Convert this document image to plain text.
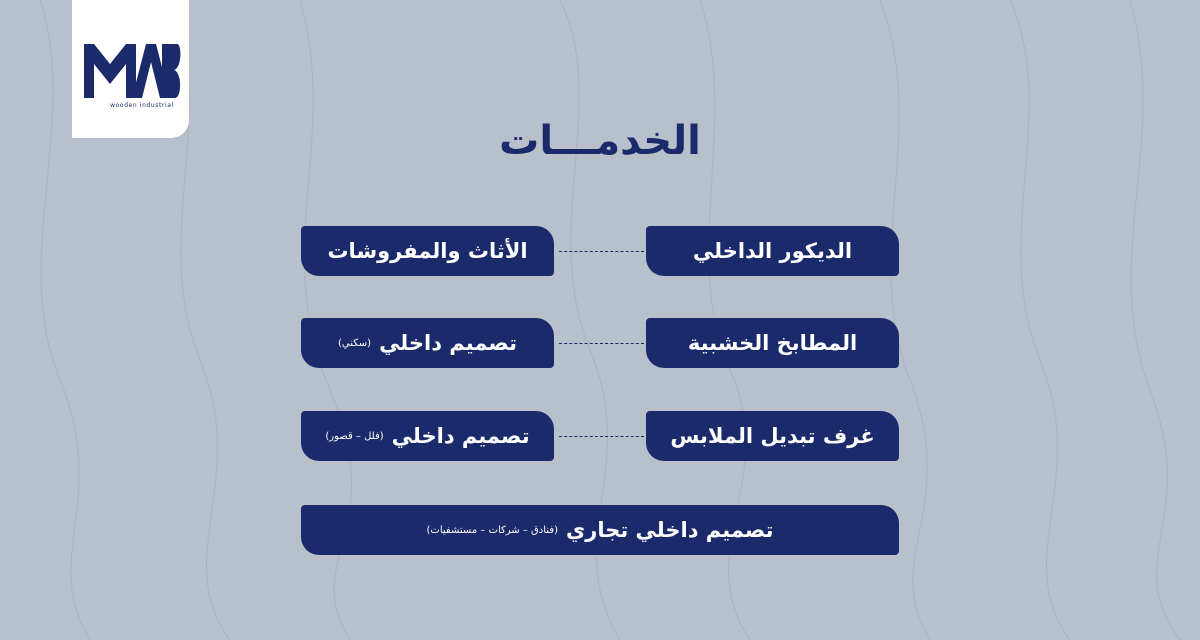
wooden industrial
الخدمـــات
الديكور الداخلي
الأثاث والمفروشات
المطابخ الخشبية
تصميم داخلي
(سكني)
غرف تبديل الملابس
تصميم داخلي
(فلل – قصور)
تصميم داخلي تجاري
(فنادق – شركات – مستشفيات)
